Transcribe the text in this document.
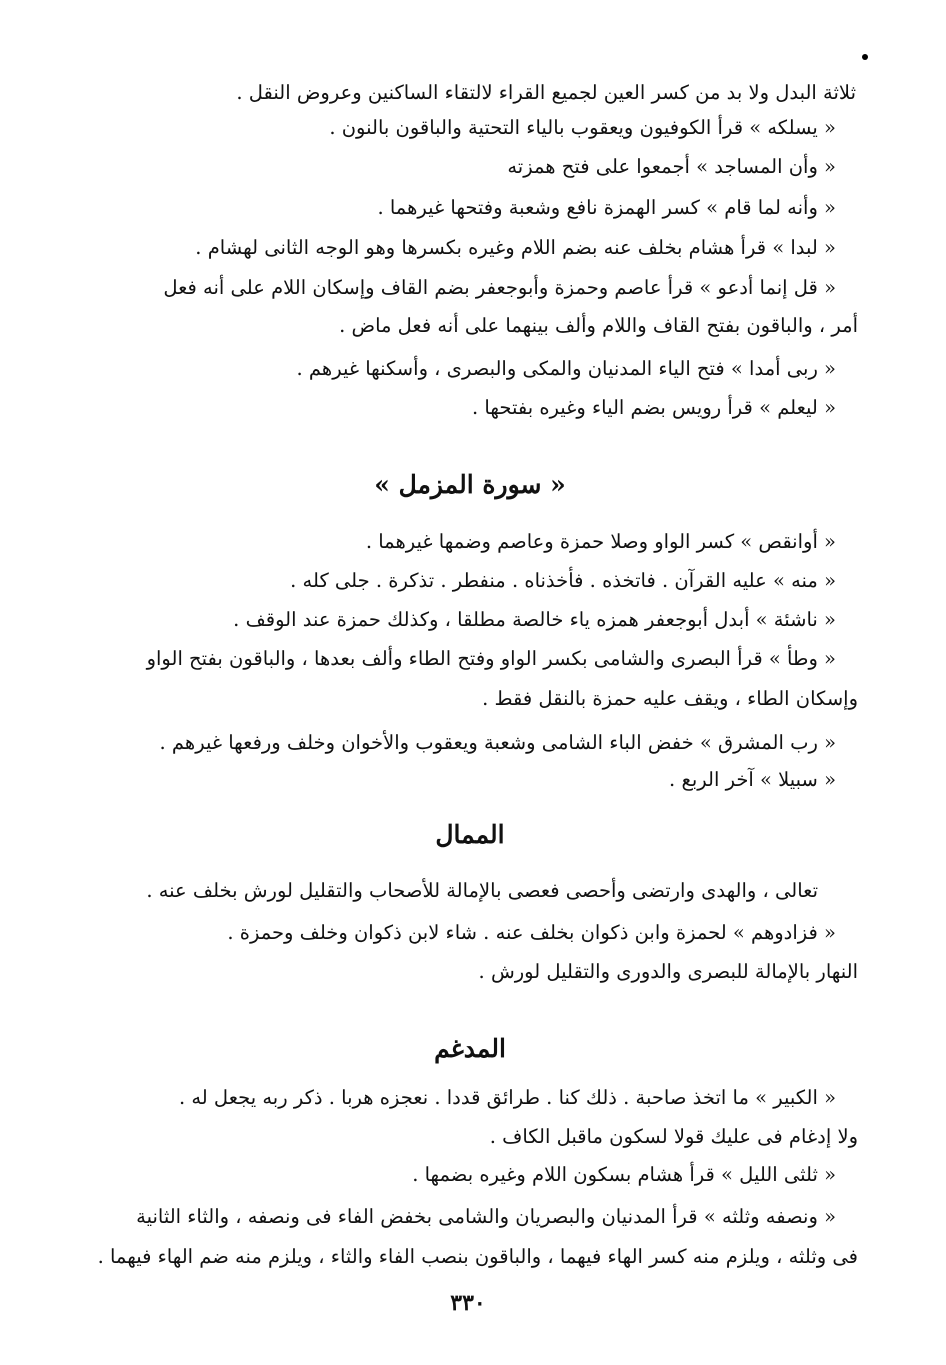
ثلاثة البدل ولا بد من كسر العين لجميع القراء لالتقاء الساكنين وعروض النقل .
« يسلكه » قرأ الكوفيون ويعقوب بالياء التحتية والباقون بالنون .
« وأن المساجد » أجمعوا على فتح همزته
« وأنه لما قام » كسر الهمزة نافع وشعبة وفتحها غيرهما .
« لبدا » قرأ هشام بخلف عنه بضم اللام وغيره بكسرها وهو الوجه الثانى لهشام .
« قل إنما أدعو » قرأ عاصم وحمزة وأبوجعفر بضم القاف وإسكان اللام على أنه فعل
أمر ، والباقون بفتح القاف واللام وألف بينهما على أنه فعل ماض .
« ربى أمدا » فتح الياء المدنيان والمكى والبصرى ، وأسكنها غيرهم .
« ليعلم » قرأ رويس بضم الياء وغيره بفتحها .
« سورة المزمل »
« أوانقص » كسر الواو وصلا حمزة وعاصم وضمها غيرهما .
« منه » عليه القرآن . فاتخذه . فأخذناه . منفطر . تذكرة . جلى كله .
« ناشئة » أبدل أبوجعفر همزه ياء خالصة مطلقا ، وكذلك حمزة عند الوقف .
« وطأ » قرأ البصرى والشامى بكسر الواو وفتح الطاء وألف بعدها ، والباقون بفتح الواو
وإسكان الطاء ، ويقف عليه حمزة بالنقل فقط .
« رب المشرق » خفض الباء الشامى وشعبة ويعقوب والأخوان وخلف ورفعها غيرهم .
« سبيلا » آخر الربع .
الممال
تعالى ، والهدى وارتضى وأحصى فعصى بالإمالة للأصحاب والتقليل لورش بخلف عنه .
« فزادوهم » لحمزة وابن ذكوان بخلف عنه . شاء لابن ذكوان وخلف وحمزة .
النهار بالإمالة للبصرى والدورى والتقليل لورش .
المدغم
« الكبير » ما اتخذ صاحبة . ذلك كنا . طرائق قددا . نعجزه هربا . ذكر ربه يجعل له .
ولا إدغام فى عليك قولا لسكون ماقبل الكاف .
« ثلثى الليل » قرأ هشام بسكون اللام وغيره بضمها .
« ونصفه وثلثه » قرأ المدنيان والبصريان والشامى بخفض الفاء فى ونصفه ، والثاء الثانية
فى وثلثه ، ويلزم منه كسر الهاء فيهما ، والباقون بنصب الفاء والثاء ، ويلزم منه ضم الهاء فيهما .
٣٣٠
